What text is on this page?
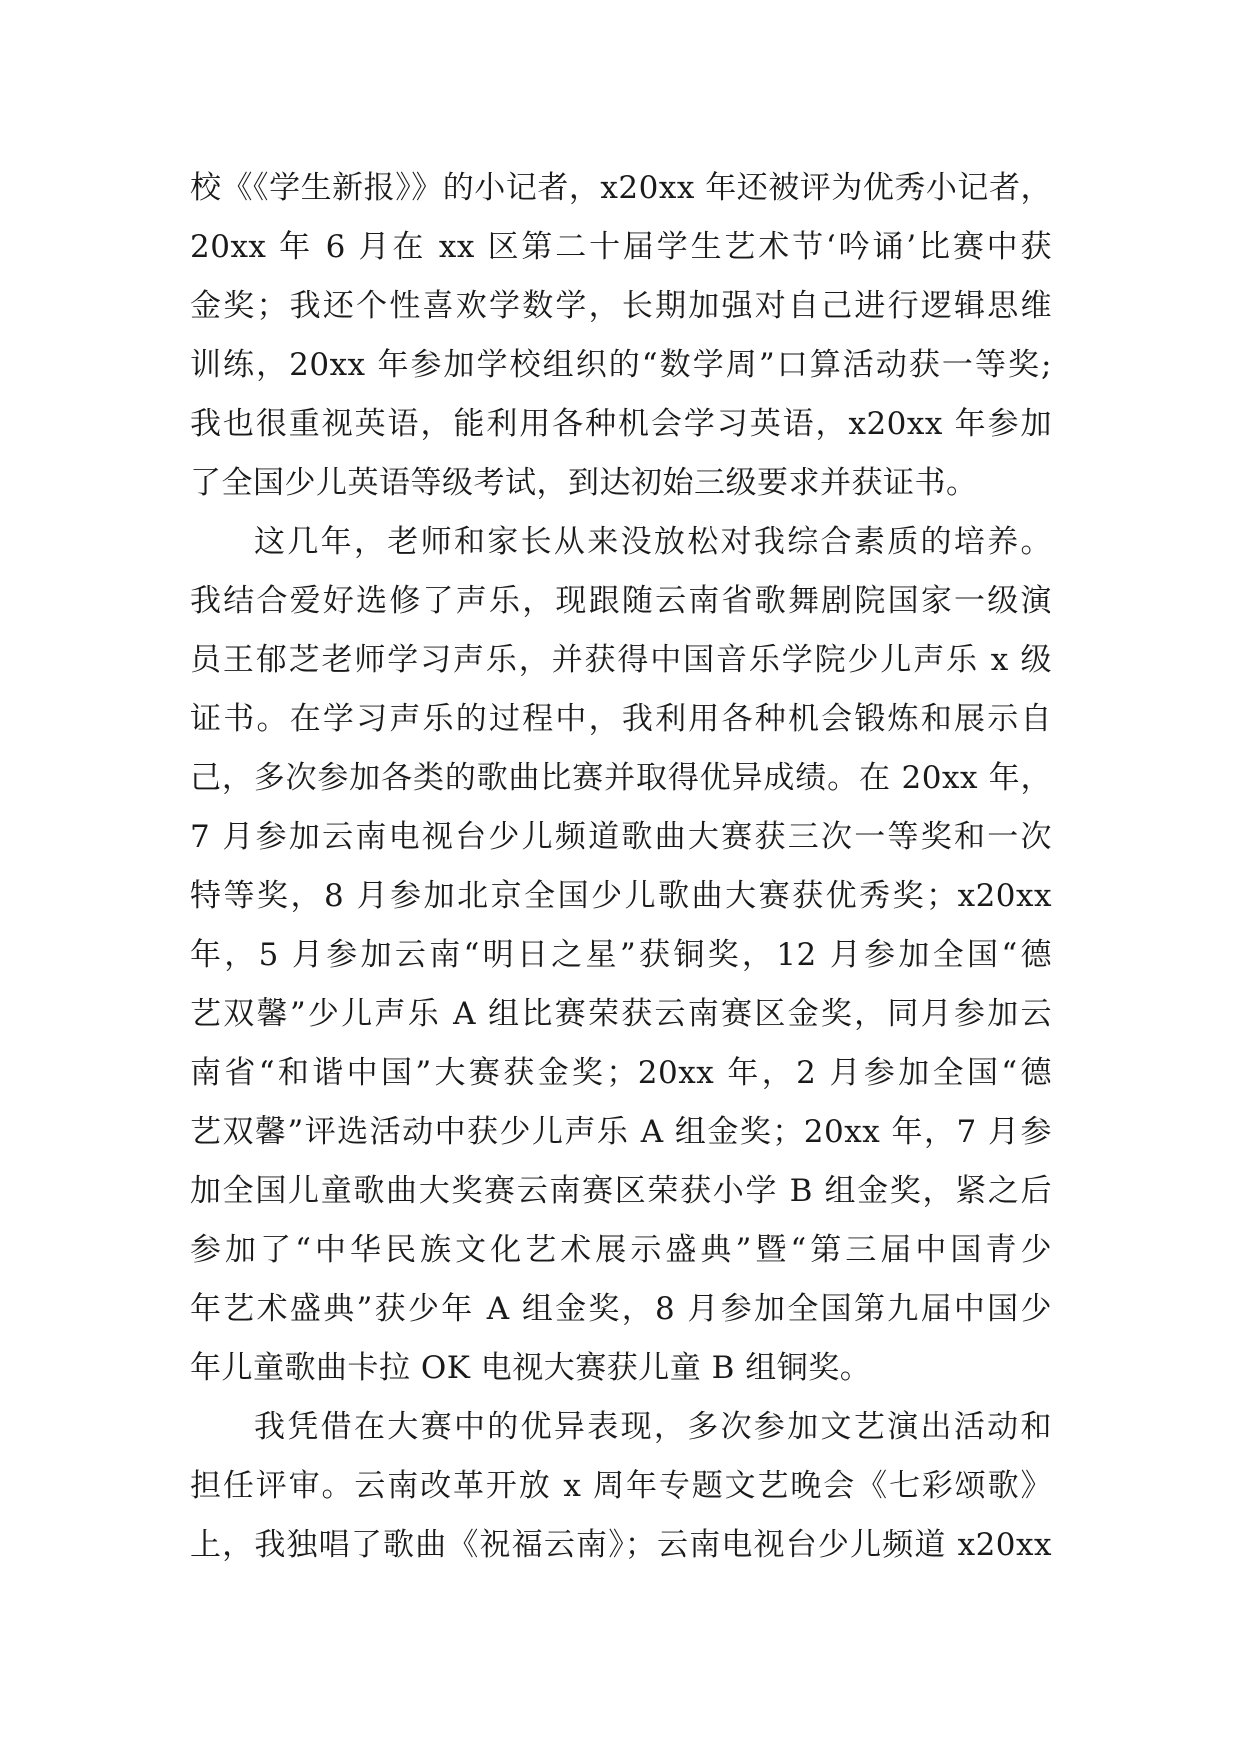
校《《学生新报》》的小记者，x20xx 年还被评为优秀小记者，
20xx 年 6 月在 xx 区第二十届学生艺术节‘吟诵’比赛中获
金奖；我还个性喜欢学数学，长期加强对自己进行逻辑思维
训练，20xx 年参加学校组织的“数学周”口算活动获一等奖;
我也很重视英语，能利用各种机会学习英语，x20xx 年参加
了全国少儿英语等级考试，到达初始三级要求并获证书。
这几年，老师和家长从来没放松对我综合素质的培养。
我结合爱好选修了声乐，现跟随云南省歌舞剧院国家一级演
员王郁芝老师学习声乐，并获得中国音乐学院少儿声乐 x 级
证书。在学习声乐的过程中，我利用各种机会锻炼和展示自
己，多次参加各类的歌曲比赛并取得优异成绩。在 20xx 年，
7 月参加云南电视台少儿频道歌曲大赛获三次一等奖和一次
特等奖，8 月参加北京全国少儿歌曲大赛获优秀奖；x20xx
年，5 月参加云南“明日之星”获铜奖，12 月参加全国“德
艺双馨”少儿声乐 A 组比赛荣获云南赛区金奖，同月参加云
南省“和谐中国”大赛获金奖；20xx 年，2 月参加全国“德
艺双馨”评选活动中获少儿声乐 A 组金奖；20xx 年，7 月参
加全国儿童歌曲大奖赛云南赛区荣获小学 B 组金奖，紧之后
参加了“中华民族文化艺术展示盛典”暨“第三届中国青少
年艺术盛典”获少年 A 组金奖，8 月参加全国第九届中国少
年儿童歌曲卡拉 OK 电视大赛获儿童 B 组铜奖。
我凭借在大赛中的优异表现，多次参加文艺演出活动和
担任评审。云南改革开放 x 周年专题文艺晚会《七彩颂歌》
上，我独唱了歌曲《祝福云南》；云南电视台少儿频道 x20xx
